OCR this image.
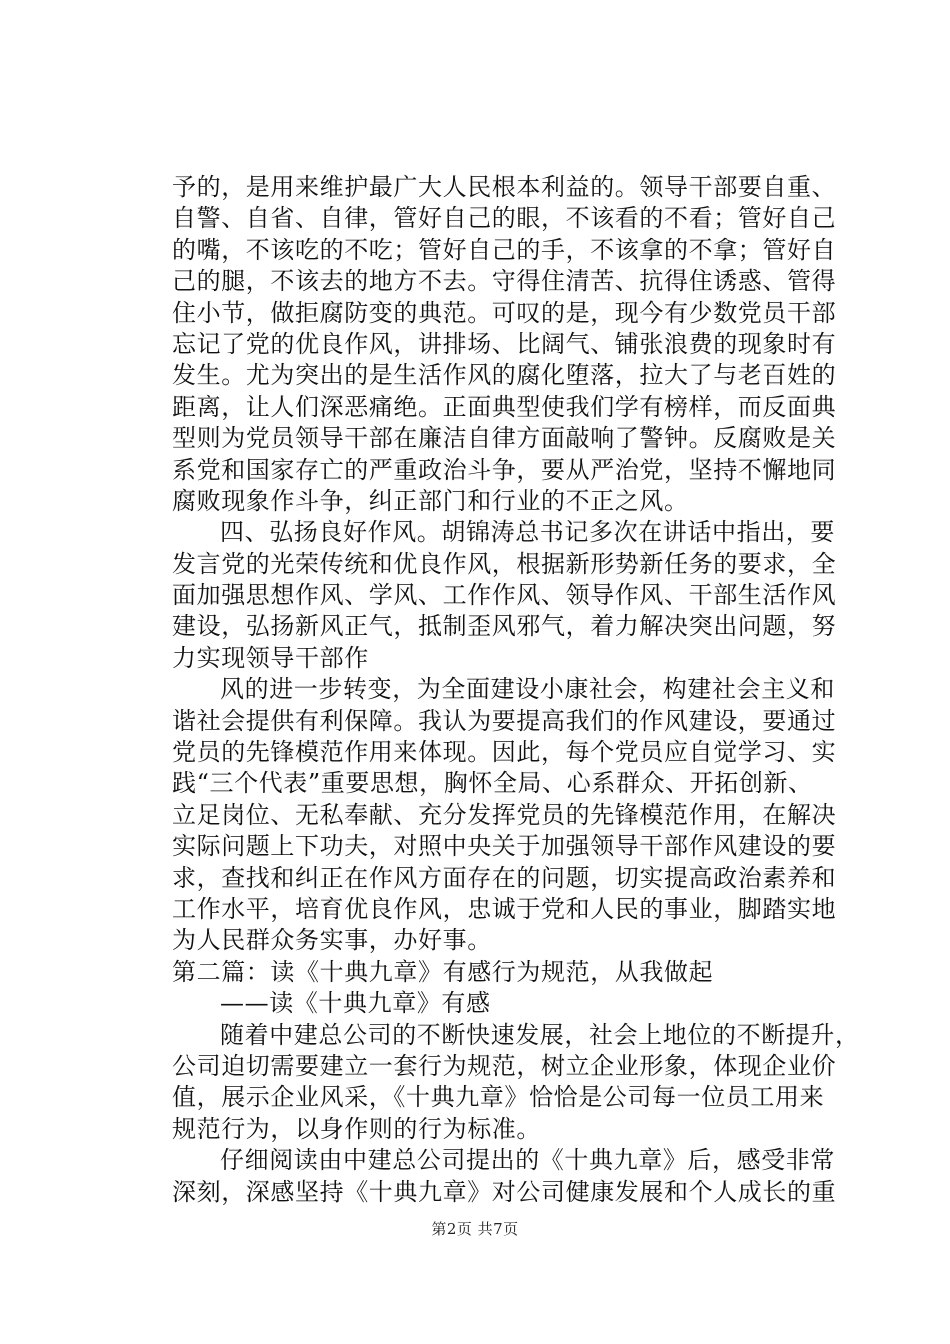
予的，是用来维护最广大人民根本利益的。领导干部要自重、
自警、自省、自律，管好自己的眼，不该看的不看；管好自己
的嘴，不该吃的不吃；管好自己的手，不该拿的不拿；管好自
己的腿，不该去的地方不去。守得住清苦、抗得住诱惑、管得
住小节，做拒腐防变的典范。可叹的是，现今有少数党员干部
忘记了党的优良作风，讲排场、比阔气、铺张浪费的现象时有
发生。尤为突出的是生活作风的腐化堕落，拉大了与老百姓的
距离，让人们深恶痛绝。正面典型使我们学有榜样，而反面典
型则为党员领导干部在廉洁自律方面敲响了警钟。反腐败是关
系党和国家存亡的严重政治斗争，要从严治党，坚持不懈地同
腐败现象作斗争，纠正部门和行业的不正之风。
四、弘扬良好作风。胡锦涛总书记多次在讲话中指出，要
发言党的光荣传统和优良作风，根据新形势新任务的要求，全
面加强思想作风、学风、工作作风、领导作风、干部生活作风
建设，弘扬新风正气，抵制歪风邪气，着力解决突出问题，努
力实现领导干部作
风的进一步转变，为全面建设小康社会，构建社会主义和
谐社会提供有利保障。我认为要提高我们的作风建设，要通过
党员的先锋模范作用来体现。因此，每个党员应自觉学习、实
践“三个代表”重要思想，胸怀全局、心系群众、开拓创新、
立足岗位、无私奉献、充分发挥党员的先锋模范作用，在解决
实际问题上下功夫，对照中央关于加强领导干部作风建设的要
求，查找和纠正在作风方面存在的问题，切实提高政治素养和
工作水平，培育优良作风，忠诚于党和人民的事业，脚踏实地
为人民群众务实事，办好事。
第二篇：读《十典九章》有感行为规范，从我做起
——读《十典九章》有感
随着中建总公司的不断快速发展，社会上地位的不断提升，
公司迫切需要建立一套行为规范，树立企业形象，体现企业价
值，展示企业风采，《十典九章》恰恰是公司每一位员工用来
规范行为，以身作则的行为标准。
仔细阅读由中建总公司提出的《十典九章》后，感受非常
深刻，深感坚持《十典九章》对公司健康发展和个人成长的重
第2页 共7页
